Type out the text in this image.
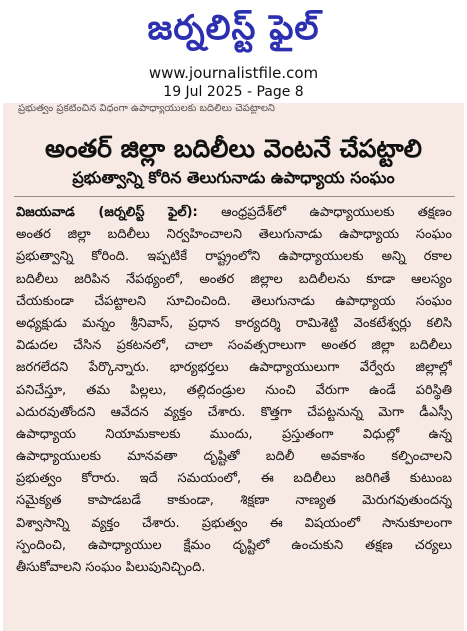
జర్నలిస్ట్ ఫైల్
www.journalistfile.com
19 Jul 2025 - Page 8
ప్రభుత్వం ప్రకటించిన విధంగా ఉపాధ్యాయులకు బదిలీలు చేపట్టాలని
అంతర్ జిల్లా బదిలీలు వెంటనే చేపట్టాలి
ప్రభుత్వాన్ని కోరిన తెలుగునాడు ఉపాధ్యాయ సంఘం
విజయవాడ (జర్నలిస్ట్ ఫైల్): ఆంధ్రప్రదేశ్‌లో ఉపాధ్యాయులకు తక్షణం
అంతర జిల్లా బదిలీలు నిర్వహించాలని తెలుగునాడు ఉపాధ్యాయ సంఘం
ప్రభుత్వాన్ని కోరింది. ఇప్పటికే రాష్ట్రంలోని ఉపాధ్యాయులకు అన్ని రకాల
బదిలీలు జరిపిన నేపథ్యంలో, అంతర జిల్లాల బదిలీలను కూడా ఆలస్యం
చేయకుండా చేపట్టాలని సూచించింది. తెలుగునాడు ఉపాధ్యాయ సంఘం
అధ్యక్షుడు మన్నం శ్రీనివాస్, ప్రధాన కార్యదర్శి రామిశెట్టి వెంకటేశ్వర్లు కలిసి
విడుదల చేసిన ప్రకటనలో, చాలా సంవత్సరాలుగా అంతర జిల్లా బదిలీలు
జరగలేదని పేర్కొన్నారు. భార్యభర్తలు ఉపాధ్యాయులుగా వేర్వేరు జిల్లాల్లో
పనిచేస్తూ, తమ పిల్లలు, తల్లిదండ్రుల నుంచి వేరుగా ఉండే పరిస్థితి
ఎదురవుతోందని ఆవేదన వ్యక్తం చేశారు. కొత్తగా చేపట్టనున్న మెగా డీఎస్సీ
ఉపాధ్యాయ నియామకాలకు ముందు, ప్రస్తుతంగా విధుల్లో ఉన్న
ఉపాధ్యాయులకు మానవతా దృష్టితో బదిలీ అవకాశం కల్పించాలని
ప్రభుత్వం కోరారు. ఇదే సమయంలో, ఈ బదిలీలు జరిగితే కుటుంబ
సమైక్యత కాపాడబడే కాకుండా, శిక్షణా నాణ్యత మెరుగవుతుందన్న
విశ్వాసాన్ని వ్యక్తం చేశారు. ప్రభుత్వం ఈ విషయంలో సానుకూలంగా
స్పందించి, ఉపాధ్యాయుల క్షేమం దృష్టిలో ఉంచుకుని తక్షణ చర్యలు
తీసుకోవాలని సంఘం పిలుపునిచ్చింది.
